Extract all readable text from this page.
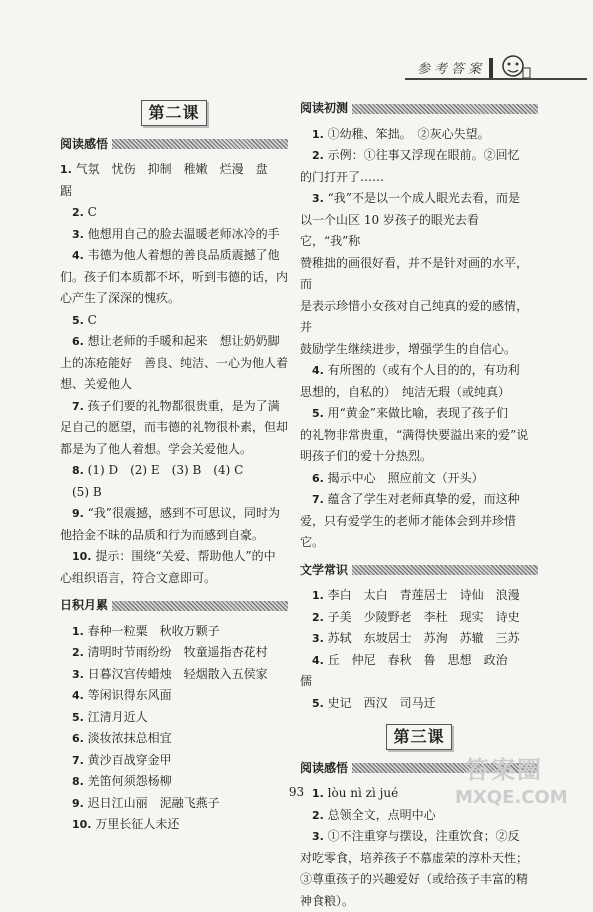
参考答案
第二课
阅读感悟

1. 气氛　忧伤　抑制　稚嫩　烂漫　盘

踞

2. C

3. 他想用自己的脸去温暖老师冰冷的手

4. 韦德为他人着想的善良品质震撼了他

们。孩子们本质都不坏，听到韦德的话，内

心产生了深深的愧疚。

5. C

6. 想让老师的手暖和起来　想让奶奶脚

上的冻疮能好　善良、纯洁、一心为他人着

想、关爱他人

7. 孩子们要的礼物都很贵重，是为了满

足自己的愿望，而韦德的礼物很朴素，但却

都是为了他人着想。学会关爱他人。

8. (1) D　(2) E　(3) B　(4) C

(5) B

9. “我”很震撼，感到不可思议，同时为

他拾金不昧的品质和行为而感到自豪。

10. 提示：围绕“关爱、帮助他人”的中

心组织语言，符合文意即可。

日积月累

1. 春种一粒粟　秋收万颗子

2. 清明时节雨纷纷　牧童遥指杏花村

3. 日暮汉宫传蜡烛　轻烟散入五侯家

4. 等闲识得东风面

5. 江清月近人

6. 淡妆浓抹总相宜

7. 黄沙百战穿金甲

8. 羌笛何须怨杨柳

9. 迟日江山丽　泥融飞燕子

10. 万里长征人未还

阅读初测

1. ①幼稚、笨拙。　②灰心失望。

2. 示例：①往事又浮现在眼前。②回忆

的门打开了……

3. “我”不是以一个成人眼光去看，而是

以一个山区 10 岁孩子的眼光去看它，“我”称

赞稚拙的画很好看，并不是针对画的水平，而

是表示珍惜小女孩对自己纯真的爱的感情，并

鼓励学生继续进步，增强学生的自信心。

4. 有所图的（或有个人目的的，有功利

思想的，自私的）　纯洁无瑕（或纯真）

5. 用“黄金”来做比喻，表现了孩子们

的礼物非常贵重，“满得快要溢出来的爱”说

明孩子们的爱十分热烈。

6. 揭示中心　照应前文（开头）

7. 蕴含了学生对老师真挚的爱，而这种

爱，只有爱学生的老师才能体会到并珍惜它。

文学常识

1. 李白　太白　青莲居士　诗仙　浪漫

2. 子美　少陵野老　李杜　现实　诗史

3. 苏轼　东坡居士　苏洵　苏辙　三苏

4. 丘　仲尼　春秋　鲁　思想　政治

儒

5. 史记　西汉　司马迁

第三课
阅读感悟

1. lòu nì zì jué

2. 总领全文，点明中心

3. ①不注重穿与摆设，注重饮食；②反

对吃零食，培养孩子不慕虚荣的淳朴天性；

③尊重孩子的兴趣爱好（或给孩子丰富的精

神食粮）。

93
答案圈
MXQE.COM
